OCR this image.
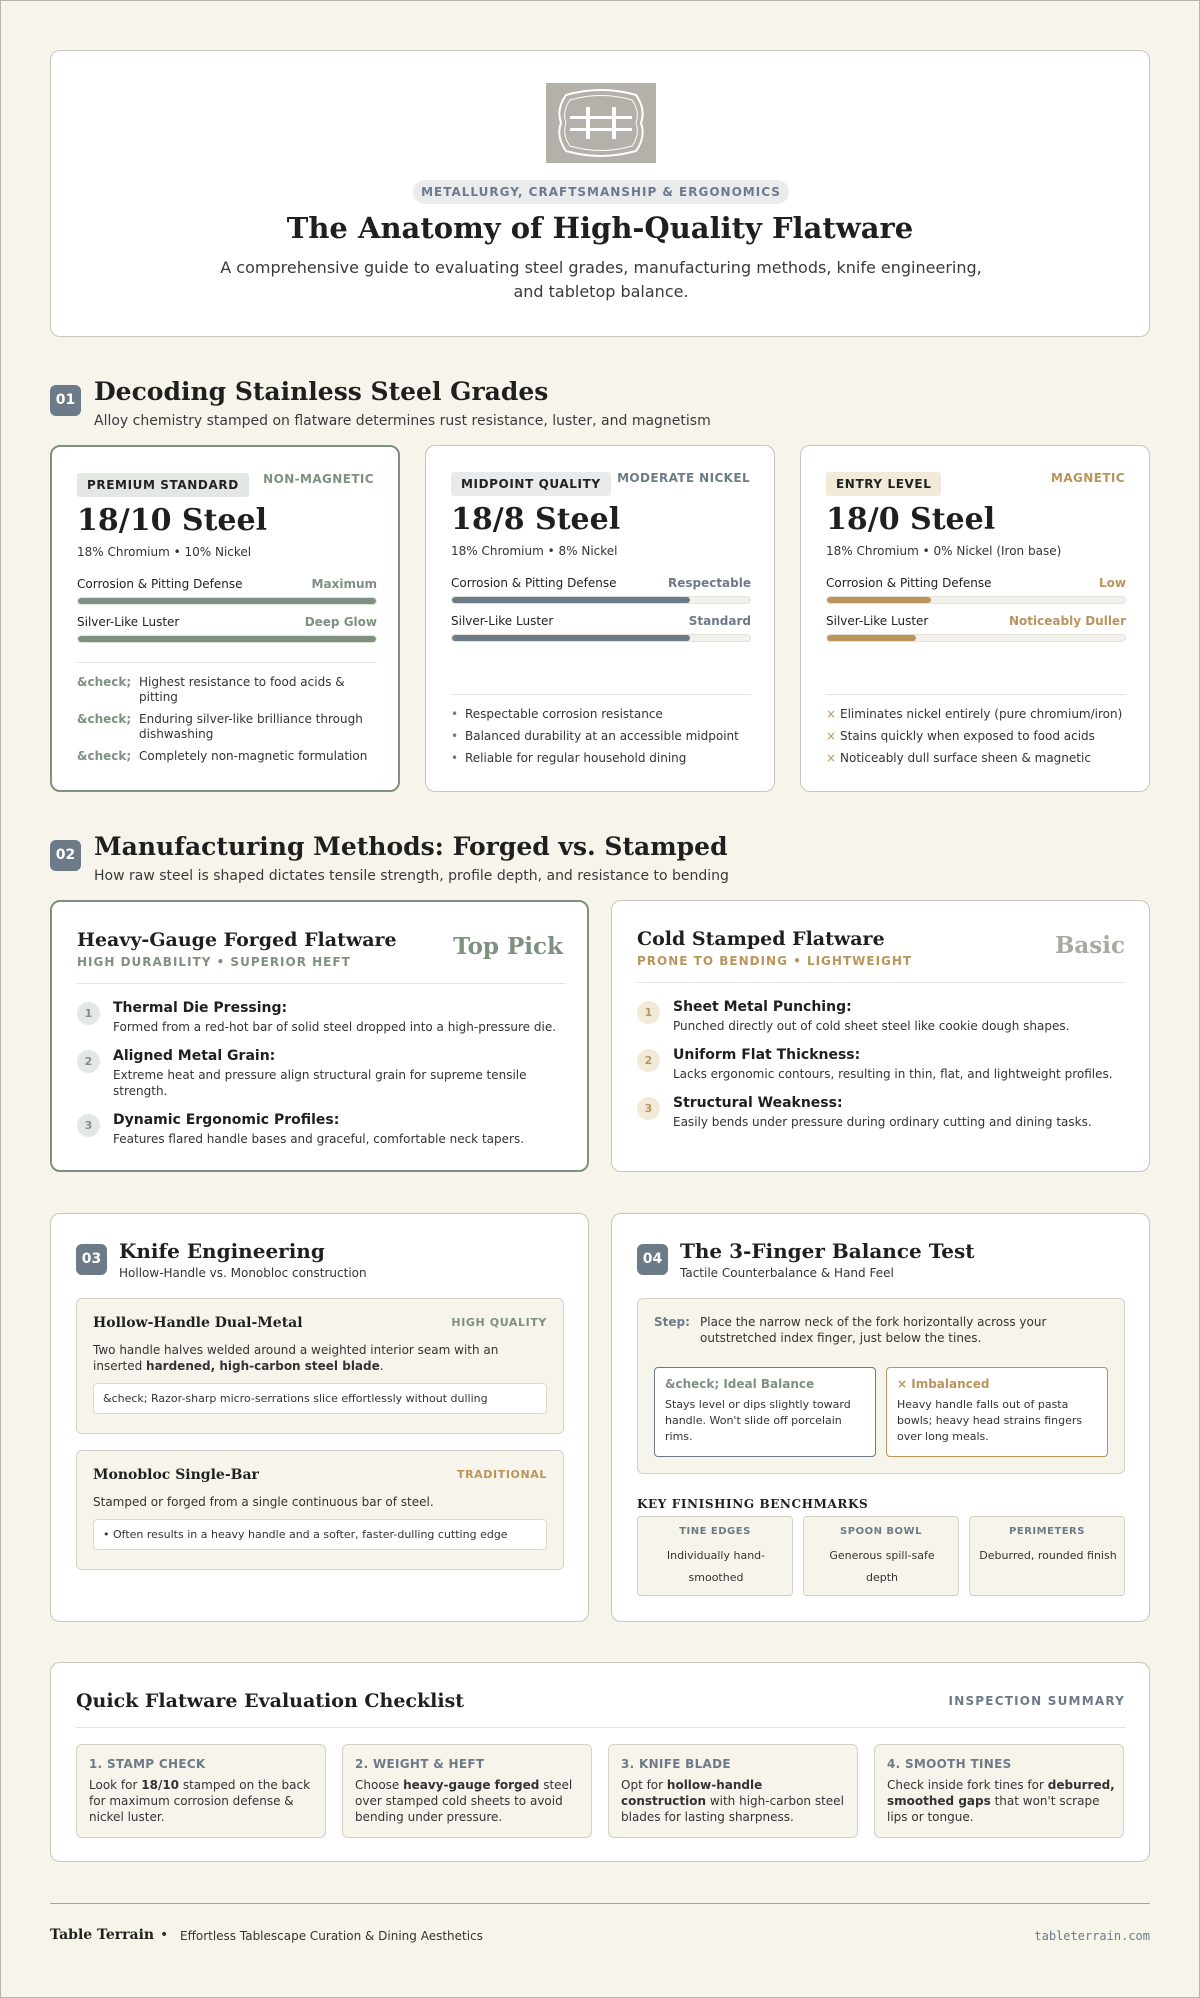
METALLURGY, CRAFTSMANSHIP & ERGONOMICS
The Anatomy of High-Quality Flatware

A comprehensive guide to evaluating steel grades, manufacturing methods, knife engineering, and tabletop balance.

01 Decoding Stainless Steel Grades
Alloy chemistry stamped on flatware determines rust resistance, luster, and magnetism
PREMIUM STANDARD	NON-MAGNETIC
18/10 Steel
18% Chromium • 10% Nickel
Corrosion & Pitting Defense	Maximum
Silver-Like Luster	Deep Glow
&check; Highest resistance to food acids & pitting
&check; Enduring silver-like brilliance through dishwashing
&check; Completely non-magnetic formulation
MIDPOINT QUALITY	MODERATE NICKEL
18/8 Steel
18% Chromium • 8% Nickel
Corrosion & Pitting Defense	Respectable
Silver-Like Luster	Standard
• Respectable corrosion resistance
• Balanced durability at an accessible midpoint
• Reliable for regular household dining
ENTRY LEVEL	MAGNETIC
18/0 Steel
18% Chromium • 0% Nickel (Iron base)
Corrosion & Pitting Defense	Low
Silver-Like Luster	Noticeably Duller
× Eliminates nickel entirely (pure chromium/iron)
× Stains quickly when exposed to food acids
× Noticeably dull surface sheen & magnetic
02 Manufacturing Methods: Forged vs. Stamped
How raw steel is shaped dictates tensile strength, profile depth, and resistance to bending
Heavy-Gauge Forged Flatware
HIGH DURABILITY • SUPERIOR HEFT
Top Pick
1	Thermal Die Pressing:
Formed from a red-hot bar of solid steel dropped into a high-pressure die.
2	Aligned Metal Grain:
Extreme heat and pressure align structural grain for supreme tensile strength.
3	Dynamic Ergonomic Profiles:
Features flared handle bases and graceful, comfortable neck tapers.
Cold Stamped Flatware
PRONE TO BENDING • LIGHTWEIGHT
Basic
1	Sheet Metal Punching:
Punched directly out of cold sheet steel like cookie dough shapes.
2	Uniform Flat Thickness:
Lacks ergonomic contours, resulting in thin, flat, and lightweight profiles.
3	Structural Weakness:
Easily bends under pressure during ordinary cutting and dining tasks.
03 Knife Engineering
Hollow-Handle vs. Monobloc construction
Hollow-Handle Dual-Metal	HIGH QUALITY
Two handle halves welded around a weighted interior seam with an inserted hardened, high-carbon steel blade.
&check; Razor-sharp micro-serrations slice effortlessly without dulling
Monobloc Single-Bar	TRADITIONAL
Stamped or forged from a single continuous bar of steel.
• Often results in a heavy handle and a softer, faster-dulling cutting edge
04 The 3-Finger Balance Test
Tactile Counterbalance & Hand Feel
Step: Place the narrow neck of the fork horizontally across your outstretched index finger, just below the tines.
&check; Ideal Balance
Stays level or dips slightly toward handle. Won't slide off porcelain rims.
× Imbalanced
Heavy handle falls out of pasta bowls; heavy head strains fingers over long meals.
KEY FINISHING BENCHMARKS
TINE EDGES
Individually hand-smoothed
SPOON BOWL
Generous spill-safe depth
PERIMETERS
Deburred, rounded finish
Quick Flatware Evaluation Checklist	INSPECTION SUMMARY
1. STAMP CHECK
Look for 18/10 stamped on the back for maximum corrosion defense & nickel luster.
2. WEIGHT & HEFT
Choose heavy-gauge forged steel over stamped cold sheets to avoid bending under pressure.
3. KNIFE BLADE
Opt for hollow-handle construction with high-carbon steel blades for lasting sharpness.
4. SMOOTH TINES
Check inside fork tines for deburred, smoothed gaps that won't scrape lips or tongue.
Table Terrain • Effortless Tablescape Curation & Dining Aesthetics	tableterrain.com
